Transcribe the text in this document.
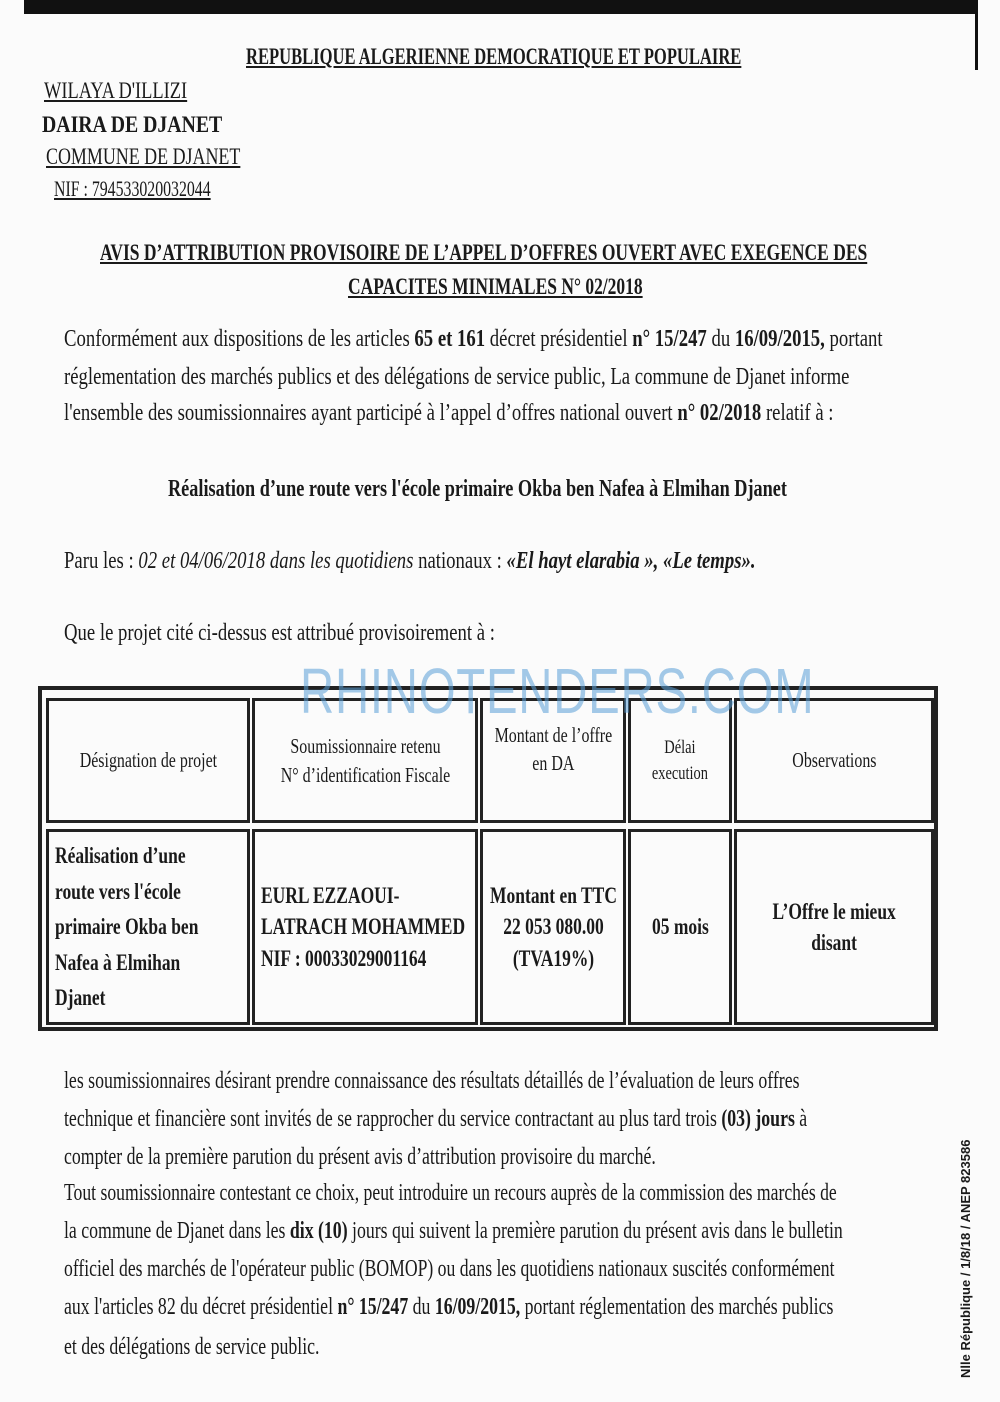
REPUBLIQUE ALGERIENNE DEMOCRATIQUE ET POPULAIRE
WILAYA D'ILLIZI
DAIRA DE DJANET
COMMUNE DE DJANET
NIF : 794533020032044
AVIS D’ATTRIBUTION PROVISOIRE DE L’APPEL D’OFFRES OUVERT AVEC EXEGENCE DES
CAPACITES MINIMALES N° 02/2018
Conformément aux dispositions de les articles 65 et 161 décret présidentiel n° 15/247 du 16/09/2015, portant
réglementation des marchés publics et des délégations de service public, La commune de Djanet informe
l'ensemble des soumissionnaires ayant participé à l’appel d’offres national ouvert n° 02/2018 relatif à :
Réalisation d’une route vers l'école primaire Okba ben Nafea à Elmihan Djanet
Paru les : 02 et 04/06/2018 dans les quotidiens nationaux : «El hayt elarabia », «Le temps».
Que le projet cité ci-dessus est attribué provisoirement à :
Désignation de projet
Soumissionnaire retenu
N° d’identification Fiscale
Montant de l’offre
en DA
Délai
execution
Observations
Réalisation d’une
route vers l'école
primaire Okba ben
Nafea à Elmihan
Djanet
EURL EZZAOUI-
LATRACH MOHAMMED
NIF : 00033029001164
Montant en TTC
22 053 080.00
(TVA19%)
05 mois
L’Offre le mieux
disant
RHINOTENDERS.COM
les soumissionnaires désirant prendre connaissance des résultats détaillés de l’évaluation de leurs offres
technique et financière sont invités de se rapprocher du service contractant au plus tard trois (03) jours à
compter de la première parution du présent avis d’attribution provisoire du marché.
Tout soumissionnaire contestant ce choix, peut introduire un recours auprès de la commission des marchés de
la commune de Djanet dans les dix (10) jours qui suivent la première parution du présent avis dans le bulletin
officiel des marchés de l'opérateur public (BOMOP) ou dans les quotidiens nationaux suscités conformément
aux l'articles 82 du décret présidentiel n° 15/247 du 16/09/2015, portant réglementation des marchés publics
et des délégations de service public.	Nlle République / 1/8/18 / ANEP 823586
